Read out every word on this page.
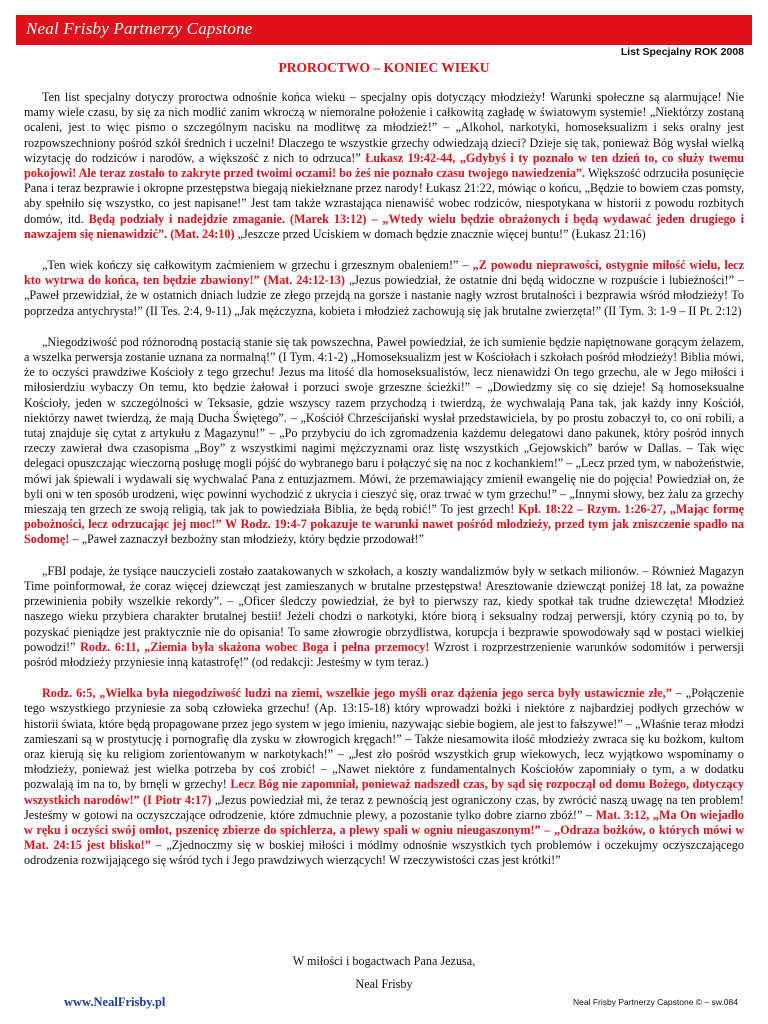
Neal Frisby Partnerzy Capstone
List Specjalny ROK 2008
PROROCTWO – KONIEC WIEKU

Ten list specjalny dotyczy proroctwa odnośnie końca wieku – specjalny opis dotyczący młodzieży! Warunki społeczne są alarmujące! Nie mamy wiele czasu, by się za nich modlić zanim wkroczą w niemoralne położenie i całkowitą zagładę w światowym systemie! „Niektórzy zostaną ocaleni, jest to więc pismo o szczególnym nacisku na modlitwę za młodzież!” – „Alkohol, narkotyki, homoseksualizm i seks oralny jest rozpowszechniony pośród szkół średnich i uczelni! Dlaczego te wszystkie grzechy odwiedzają dzieci? Dzieje się tak, ponieważ Bóg wysłał wielką wizytację do rodziców i narodów, a większość z nich to odrzuca!” Łukasz 19:42-44, „Gdybyś i ty poznało w ten dzień to, co służy twemu pokojowi! Ale teraz zostało to zakryte przed twoimi oczami! bo żeś nie poznało czasu twojego nawiedzenia”. Większość odrzuciła posunięcie Pana i teraz bezprawie i okropne przestępstwa biegają niekiełznane przez narody! Łukasz 21:22, mówiąc o końcu, „Będzie to bowiem czas pomsty, aby spełniło się wszystko, co jest napisane!” Jest tam także wzrastająca nienawiść wobec rodziców, niespotykana w historii z powodu rozbitych domów, itd. Będą podziały i nadejdzie zmaganie. (Marek 13:12) – „Wtedy wielu będzie obrażonych i będą wydawać jeden drugiego i nawzajem się nienawidzić”. (Mat. 24:10) „Jeszcze przed Uciskiem w domach będzie znacznie więcej buntu!” (Łukasz 21:16)

„Ten wiek kończy się całkowitym zaćmieniem w grzechu i grzesznym obaleniem!” – „Z powodu nieprawości, ostygnie miłość wielu, lecz kto wytrwa do końca, ten będzie zbawiony!” (Mat. 24:12-13) „Jezus powiedział, że ostatnie dni będą widoczne w rozpuście i lubieżności!” – „Paweł przewidział, że w ostatnich dniach ludzie ze złego przejdą na gorsze i nastanie nagły wzrost brutalności i bezprawia wśród młodzieży! To poprzedza antychrysta!” (II Tes. 2:4, 9-11) „Jak mężczyzna, kobieta i młodzież zachowują się jak brutalne zwierzęta!” (II Tym. 3: 1-9 – II Pt. 2:12)

„Niegodziwość pod różnorodną postacią stanie się tak powszechna, Paweł powiedział, że ich sumienie będzie napiętnowane gorącym żelazem, a wszelka perwersja zostanie uznana za normalną!” (I Tym. 4:1-2) „Homoseksualizm jest w Kościołach i szkołach pośród młodzieży! Biblia mówi, że to oczyści prawdziwe Kościoły z tego grzechu! Jezus ma litość dla homoseksualistów, lecz nienawidzi On tego grzechu, ale w Jego miłości i miłosierdziu wybaczy On temu, kto będzie żałował i porzuci swoje grzeszne ścieżki!” – „Dowiedzmy się co się dzieje! Są homoseksualne Kościoły, jeden w szczególności w Teksasie, gdzie wszyscy razem przychodzą i twierdzą, że wychwalają Pana tak, jak każdy inny Kościół, niektórzy nawet twierdzą, że mają Ducha Świętego”. – „Kościół Chrześcijański wysłał przedstawiciela, by po prostu zobaczył to, co oni robili, a tutaj znajduje się cytat z artykułu z Magazynu!” – „Po przybyciu do ich zgromadzenia każdemu delegatowi dano pakunek, który pośród innych rzeczy zawierał dwa czasopisma „Boy” z wszystkimi nagimi mężczyznami oraz listę wszystkich „Gejowskich” barów w Dallas. – Tak więc delegaci opuszczając wieczorną posługę mogli pójść do wybranego baru i połączyć się na noc z kochankiem!” – „Lecz przed tym, w nabożeństwie, mówi jak śpiewali i wydawali się wychwalać Pana z entuzjazmem. Mówi, że przemawiający zmienił ewangelię nie do pojęcia! Powiedział on, że byli oni w ten sposób urodzeni, więc powinni wychodzić z ukrycia i cieszyć się, oraz trwać w tym grzechu!” – „Innymi słowy, bez żalu za grzechy mieszają ten grzech ze swoją religią, tak jak to powiedziała Biblia, że będą robić!” To jest grzech! Kpł. 18:22 – Rzym. 1:26-27, „Mając formę pobożności, lecz odrzucając jej moc!” W Rodz. 19:4-7 pokazuje te warunki nawet pośród młodzieży, przed tym jak zniszczenie spadło na Sodomę! – „Paweł zaznaczył bezbożny stan młodzieży, który będzie przodował!”

„FBI podaje, że tysiące nauczycieli zostało zaatakowanych w szkołach, a koszty wandalizmów były w setkach milionów. – Również Magazyn Time poinformował, że coraz więcej dziewcząt jest zamieszanych w brutalne przestępstwa! Aresztowanie dziewcząt poniżej 18 lat, za poważne przewinienia pobiły wszelkie rekordy”. – „Oficer śledczy powiedział, że był to pierwszy raz, kiedy spotkał tak trudne dziewczęta! Młodzież naszego wieku przybiera charakter brutalnej bestii! Jeżeli chodzi o narkotyki, które biorą i seksualny rodzaj perwersji, który czynią po to, by pozyskać pieniądze jest praktycznie nie do opisania! To same złowrogie obrzydlistwa, korupcja i bezprawie spowodowały sąd w postaci wielkiej powodzi!” Rodz. 6:11, „Ziemia była skażona wobec Boga i pełna przemocy! Wzrost i rozprzestrzenienie warunków sodomitów i perwersji pośród młodzieży przyniesie inną katastrofę!” (od redakcji: Jesteśmy w tym teraz.)

Rodz. 6:5, „Wielka była niegodziwość ludzi na ziemi, wszelkie jego myśli oraz dążenia jego serca były ustawicznie złe,” – „Połączenie tego wszystkiego przyniesie za sobą człowieka grzechu! (Ap. 13:15-18) który wprowadzi bożki i niektóre z najbardziej podłych grzechów w historii świata, które będą propagowane przez jego system w jego imieniu, nazywając siebie bogiem, ale jest to fałszywe!” – „Właśnie teraz młodzi zamieszani są w prostytucję i pornografię dla zysku w złowrogich kręgach!” – Także niesamowita ilość młodzieży zwraca się ku bożkom, kultom oraz kierują się ku religiom zorientowanym w narkotykach!” – „Jest zło pośród wszystkich grup wiekowych, lecz wyjątkowo wspominamy o młodzieży, ponieważ jest wielka potrzeba by coś zrobić! – „Nawet niektóre z fundamentalnych Kościołów zapomniały o tym, a w dodatku pozwalają im na to, by brnęli w grzechy! Lecz Bóg nie zapomniał, ponieważ nadszedł czas, by sąd się rozpoczął od domu Bożego, dotyczący wszystkich narodów!” (I Piotr 4:17) „Jezus powiedział mi, że teraz z pewnością jest ograniczony czas, by zwrócić naszą uwagę na ten problem! Jesteśmy w gotowi na oczyszczające odrodzenie, które zdmuchnie plewy, a pozostanie tylko dobre ziarno zbóż!” – Mat. 3:12, „Ma On wiejadło w ręku i oczyści swój omłot, pszenicę zbierze do spichlerza, a plewy spali w ogniu nieugaszonym!” – „Odraza bożków, o których mówi w Mat. 24:15 jest blisko!” – „Zjednoczmy się w boskiej miłości i módlmy odnośnie wszystkich tych problemów i oczekujmy oczyszczającego odrodzenia rozwijającego się wśród tych i Jego prawdziwych wierzących! W rzeczywistości czas jest krótki!”

W miłości i bogactwach Pana Jezusa,
Neal Frisby
www.NealFrisby.pl	Neal Frisby Partnerzy Capstone © – sw.084
